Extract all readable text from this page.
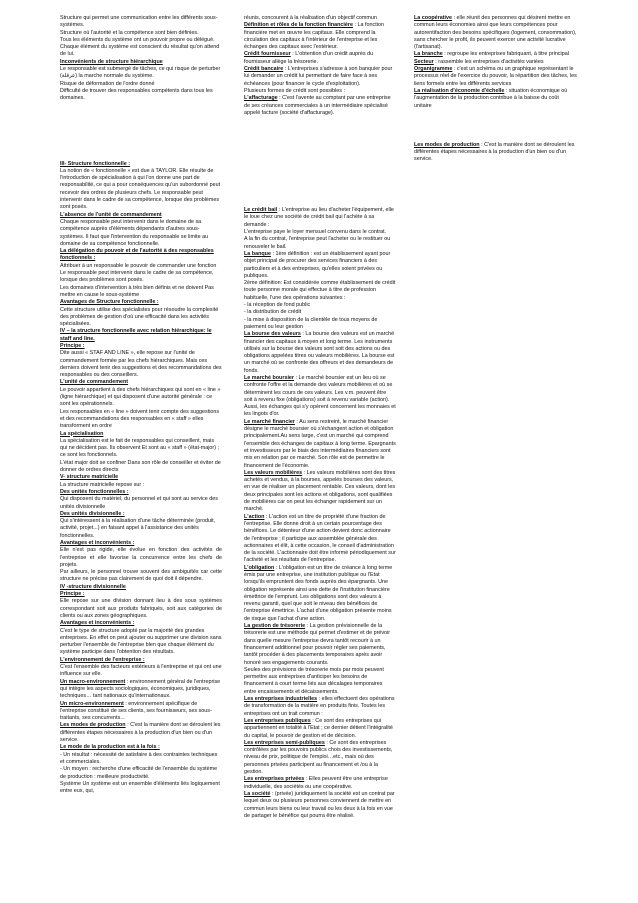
Structure qui permet une communication entre les différents sous-systèmes.

Structure où l'autorité et la compétence sont bien définies.

Tous les éléments du système ont un pouvoir propre ou délégué.

Chaque élément du système est conscient du résultat qu'on attend de lui.

Inconvénients de structure hiérarchique

Le responsable est submergé de tâches, ce qui risque de perturber (عرقلة) la marche normale du système.

Risque de déformation de l'ordre donné

Difficulté de trouver des responsables compétents dans tous les domaines.

III- Structure fonctionnelle :

La notion de « fonctionnelle » est due à TAYLOR. Elle résulte de l'introduction de spécialisation à qui l'on donne une part de responsabilité, ce qui a pour conséquences qu'un subordonné peut recevoir des ordres de plusieurs chefs. Le responsable peut intervenir dans le cadre de sa compétence, lorsque des problèmes sont posés.

L'absence de l'unité de commandement

Chaque responsable peut intervenir dans le domaine de sa compétence auprès d'éléments dépendants d'autres sous-systèmes. Il faut que l'intervention du responsable se limite au domaine de sa compétence fonctionnelle.

La délégation du pouvoir et de l'autorité à des responsables fonctionnels :

Attribuer à un responsable le pouvoir de commander une fonction

Le responsable peut intervenir dans le cadre de sa compétence, lorsque des problèmes sont posés.

Les domaines d'intervention à très bien définis et ne doivent Pas mettre en cause le sous-système

Avantages de Structure fonctionnelle :

Cette structure utilise des spécialistes pour résoudre la complexité des problèmes de gestion d'où une efficacité dans les activités spécialisées.

IV – la structure fonctionnelle avec relation hiérarchique: le staff and line.

Principe :

Dite aussi « STAF AND LINE », elle repose sur l'unité de commandement formée par les chefs hiérarchiques. Mais ces derniers doivent tenir des suggestions et des recommandations des responsables ou des conseillers.

L'unité de commandement

Le pouvoir appartient à des chefs hiérarchiques qui sont en « line » (ligne hiérarchique) et qui disposent d'une autorité générale : ce sont les opérationnels.

Les responsables en « line » doivent tenir compte des suggestions et des recommandations des responsables en « staff » elles transforment en ordre

La spécialisation

La spécialisation est le fait de responsables qui conseillent, mais qui ne décident pas. Ils observent Et sont au « staff » (état-major) ; ce sont les fonctionnels.

L'état major doit se confiner Dans son rôle de conseiller et éviter de donner de ordres directs

V- structure matricielle

La structure matricielle repose sur :

Des unités fonctionnelles :

Qui disposent du matériel, du personnel et qui sont au service des unités divisionnelle

Des unités divisionnelle :

Qui s'intéressent à la réalisation d'une tâche déterminée (produit, activité, projet...) en faisant appel à l'assistance des unités fonctionnelles.

Avantages et inconvénients :

Elle n'est pas rigide, elle évolue en fonction des activités de l'entreprise et elle favorise la concurrence entre les chefs de projets.

Par ailleurs, le personnel trouve souvent des ambiguïtés car cette structure ne précise pas clairement de quoi doit il dépendre.

IV -structure divisionnelle

Principe :

Elle repose sur une division donnant lieu à des sous systèmes correspondant soit aux produits fabriqués, soit aux catégories de clients ou aux zones géographiques.

Avantages et inconvénients :

C'est le type de structure adopté par la majorité des grandes entreprises. En effet on peut ajouter ou supprimer une division sans perturber l'ensemble de l'entreprise blen que chaque élément du système participe dans l'obtention des résultats.

L'environnement de l'entreprise :

C'est l'ensemble des facteurs extérieurs à l'entreprise et qui ont une influence sur elle.

Un macro-environnement : environnement général de l'entreprise qui intègre les aspects sociologiques, économiques, juridiques, techniques… tant nationaux qu'internationaux.

Un micro-environnement : environnement spécifique de l'entreprise constitué de ses clients, ses fournisseurs, ses sous-traitants, ses concurrents...

Les modes de production : C'est la manière dont se déroulent les différentes étapes nécessaires à la production d'un bien ou d'un service.

Le mode de la production est à la fois :

- Un résultat : nécessité de satisfaire à des contraintes techniques et commerciales.

- Un moyen : recherche d'une efficacité de l'ensemble du système de production : meilleure productivité.

Système Un système est un ensemble d'éléments liés logiquement entre eux, qui,

réunis, concourent à la réalisation d'un objectif commun

Définition et rôles de la fonction financière : La fonction financière met en œuvre les capitaux. Elle comprend la circulation des capitaux à l'intérieur de l'entreprise et les échanges des capitaux avec l'extérieur.

Crédit fournisseur : L'obtention d'un crédit auprès du fournisseur allège la trésorerie.

Crédit bancaire : L'entreprises s'adresse à son banquier pour lui demander un crédit lui permettant de faire face à ses échéances (pour financer le cycle d'exploitation).

Plusieurs formes de crédit sont possibles :

L'affacturage : C'est l'avente au comptant par une entreprise de ses créances commerciales à un intermédiaire spécialisé appelé facture (société d'affacturage).

Le crédit bail : L'entreprise au lieu d'acheter l'équipement, elle le loue chez une société de crédit bail qui l'achète à sa demande :

L'entreprise paye le loyer mensuel convenu dans le contrat.

A la fin du contrat, l'entreprise peut l'acheter ou le restituer ou renouveler le bail.

La banque : 1ère définition : est un établissement ayant pour objet principal de procurer des services financiers à des particuliers et à des entreprises, qu'elles soient privées ou publiques.

2ème définition: Est considérée comme établissement de crédit toute personne morale qui effectue à titre de profession habituelle, l'une des opérations suivantes :

- la réception de fond public

- la distribution de crédit

- la mise à disposition de la clientèle de tous moyens de paiement ou leur gestion

La bourse des valeurs : La bourse des valeurs est un marché financier des capitaux à moyen et long terme. Les instruments utilisés sur la bourse des valeurs sont soit des actions ou des obligations appelées titres ou valeurs mobilières. La bourse est un marché où se confronte des offreurs et des demandeurs de fonds.

Le marché boursier : Le marché boursier est un lieu où se confronte l'offre et la demande des valeurs mobilières et où se déterminent les cours de ces valeurs. Les v.m. peuvent être soit à revenu fixe (obligations) soit à revenu variable (action). Aussi, les échanges qui s'y opèrent concernent les monnaies et les lingots d'or.

Le marché financier : Au sens restreint, le marché financier désigne le marché boursier où s'échangent action et obligation principalement.Au sens large, c'est un marché qui comprend l'ensemble des échanges de capitaux à long terme. Epargnants et investisseurs par le biais des intermédiaires financiers sont mis en relation par ce marché. Son rôle est de permettre le financement de l'économie.

Les valeurs mobilières : Les valeurs mobilières sont des titres achetés et vendus, à la bourses, appelés bourses des valeurs, en vue de réaliser un placement rentable. Ces valeurs, dont les deux principales sont les actions et obligations, sont qualifiées de mobilières car on peut les échanger rapidement sur un marché.

L'action : L'action est un titre de propriété d'une fraction de l'entreprise. Elle donne droit à un certain pourcentage des bénéfices. Le détenteur d'une action devient donc actionnaire de l'entreprise ; il participe aux assemblée générale des actionnaires et élit, à cette occasion, le conseil d'administration de la société. L'actionnaire doit être informé périodiquement sur l'activité et les résultats de l'entreprise.

L'obligation : L'obligation est un titre de créance à long terme émis par une entreprise, une institution publique ou l'Etat lorsqu'ils empruntent des fonds auprès des épargnants. Une obligation représente ainsi une dette de l'institution financière émettrice de l'emprunt. Les obligations sont des valeurs à revenu garanti, quel que soit le niveau des bénéfices de l'entreprise émettrice. L'achat d'une obligation présente moins de risque que l'achat d'une action.

La gestion de trésorerie : La gestion prévisionnelle de la trésorerie est une méthode qui permet d'estimer et de prévoir dans quelle mesure l'entreprise devra tantôt recourir à un financement additionnel pour pouvoir régler ses paiements, tantôt procéder à des placements temporaires après avoir honoré ses engagements courants.

Seules des prévisions de trésorerie mois par mois peuvent permettre aux entreprises d'anticiper les besoins de financement à court terme liés aux décalages temporaires entre encaissements et décaissements.

Les entreprises industrielles : elles effectuent des opérations de transformation de la matière en produits finis. Toutes les entreprises ont un trait commun :

Les entreprises publiques : Ce sont des entreprises qui appartiennent en totalité à l'Etat ; ce dernier détient l'intégralité du capital, le pouvoir de gestion et de décision.

Les entreprises semi-publiques : Ce sont des entreprises contrôlées par les pouvoirs publics chois des investissements, niveau de prix, politique de l'emploi…etc., mais où des personnes privées participent au financement et /ou à la gestion.

Les entreprises privées : Elles peuvent être une entreprise individuelle, des sociétés ou une coopérative.

La société : (privée) juridiquement la société est un contrat par lequel deux ou plusieurs personnes conviennent de mettre en commun leurs biens ou leur travail ou les deux à la fois en vue de partager le bénéfice qui pourra être réalisé.

La coopérative : elle réunit des personnes qui désirent mettre en commun leurs économies ainsi que leurs compétences pour autorentifaction des besoins spécifiques (logement, consommation), sans chercher le profit, ils peuvent exercer une activité lucrative (l'artisanat).

La branche : regroupe les entreprises fabriquant, à titre principal

Secteur : rassemble les entreprises d'activités variées

Organigramme : c'est un schéma ou un graphique représentant le processus réel de l'exercice du pouvoir, la répartition des tâches, les liens formels entre les différents services

La réalisation d'économie d'échelle : situation économique où l'augmentation de la production contribue à la baisse du coût unitaire

Les modes de production : C'est la manière dont se déroulent les différentes étapes nécessaires à la production d'un bien ou d'un service.
